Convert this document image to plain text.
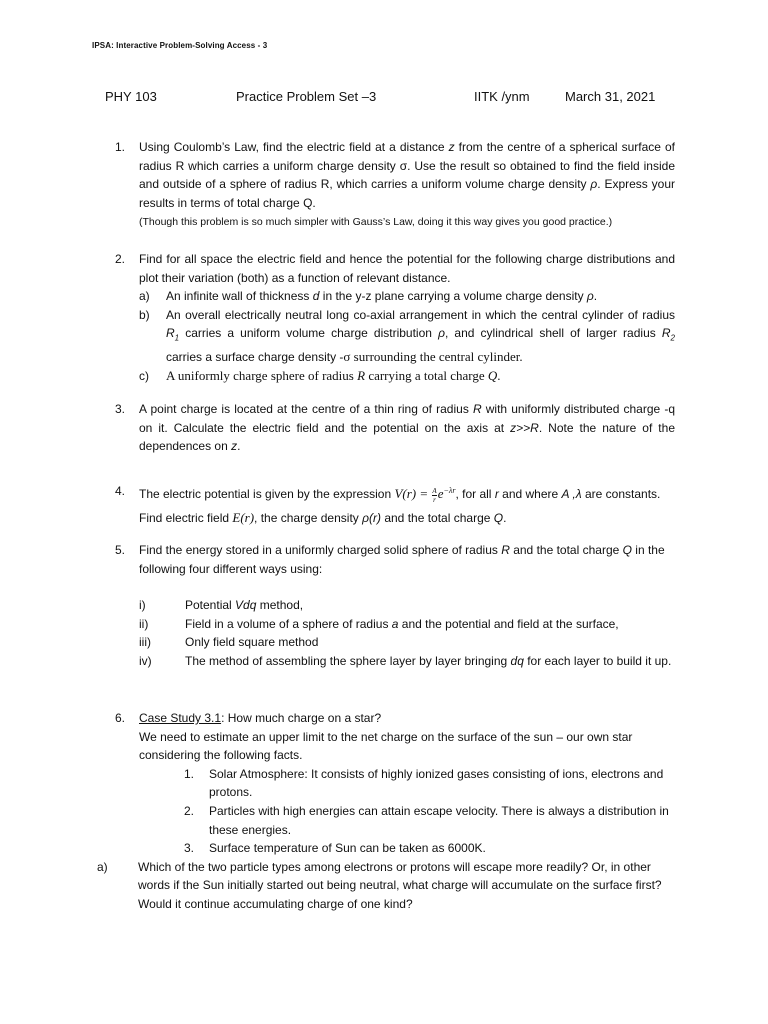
IPSA: Interactive Problem-Solving Access - 3
PHY 103	Practice Problem Set –3	IITK /ynm	March 31, 2021
1. Using Coulomb’s Law, find the electric field at a distance z from the centre of a spherical surface of radius R which carries a uniform charge density σ. Use the result so obtained to find the field inside and outside of a sphere of radius R, which carries a uniform volume charge density ρ. Express your results in terms of total charge Q.
(Though this problem is so much simpler with Gauss’s Law, doing it this way gives you good practice.)
2. Find for all space the electric field and hence the potential for the following charge distributions and plot their variation (both) as a function of relevant distance.
a) An infinite wall of thickness d in the y-z plane carrying a volume charge density ρ.
b) An overall electrically neutral long co-axial arrangement in which the central cylinder of radius $R_1$ carries a uniform volume charge distribution ρ, and cylindrical shell of larger radius $R_2$ carries a surface charge density -σ surrounding the central cylinder.
c) A uniformly charge sphere of radius R carrying a total charge Q.
3. A point charge is located at the centre of a thin ring of radius R with uniformly distributed charge -q on it. Calculate the electric field and the potential on the axis at z>>R. Note the nature of the dependences on z.
4. The electric potential is given by the expression $V(r) = \frac{A}{r} e^{-\lambda r}$, for all r and where A ,λ are constants. Find electric field E(r), the charge density ρ(r) and the total charge Q.
5. Find the energy stored in a uniformly charged solid sphere of radius R and the total charge Q in the following four different ways using:
i)	Potential Vdq method,
ii)	Field in a volume of a sphere of radius a and the potential and field at the surface,
iii)	Only field square method
iv)	The method of assembling the sphere layer by layer bringing dq for each layer to build it up.
6. Case Study 3.1: How much charge on a star?
We need to estimate an upper limit to the net charge on the surface of the sun – our own star considering the following facts.
1. Solar Atmosphere: It consists of highly ionized gases consisting of ions, electrons and protons.
2. Particles with high energies can attain escape velocity. There is always a distribution in these energies.
3. Surface temperature of Sun can be taken as 6000K.
a)	Which of the two particle types among electrons or protons will escape more readily? Or, in other words if the Sun initially started out being neutral, what charge will accumulate on the surface first? Would it continue accumulating charge of one kind?
